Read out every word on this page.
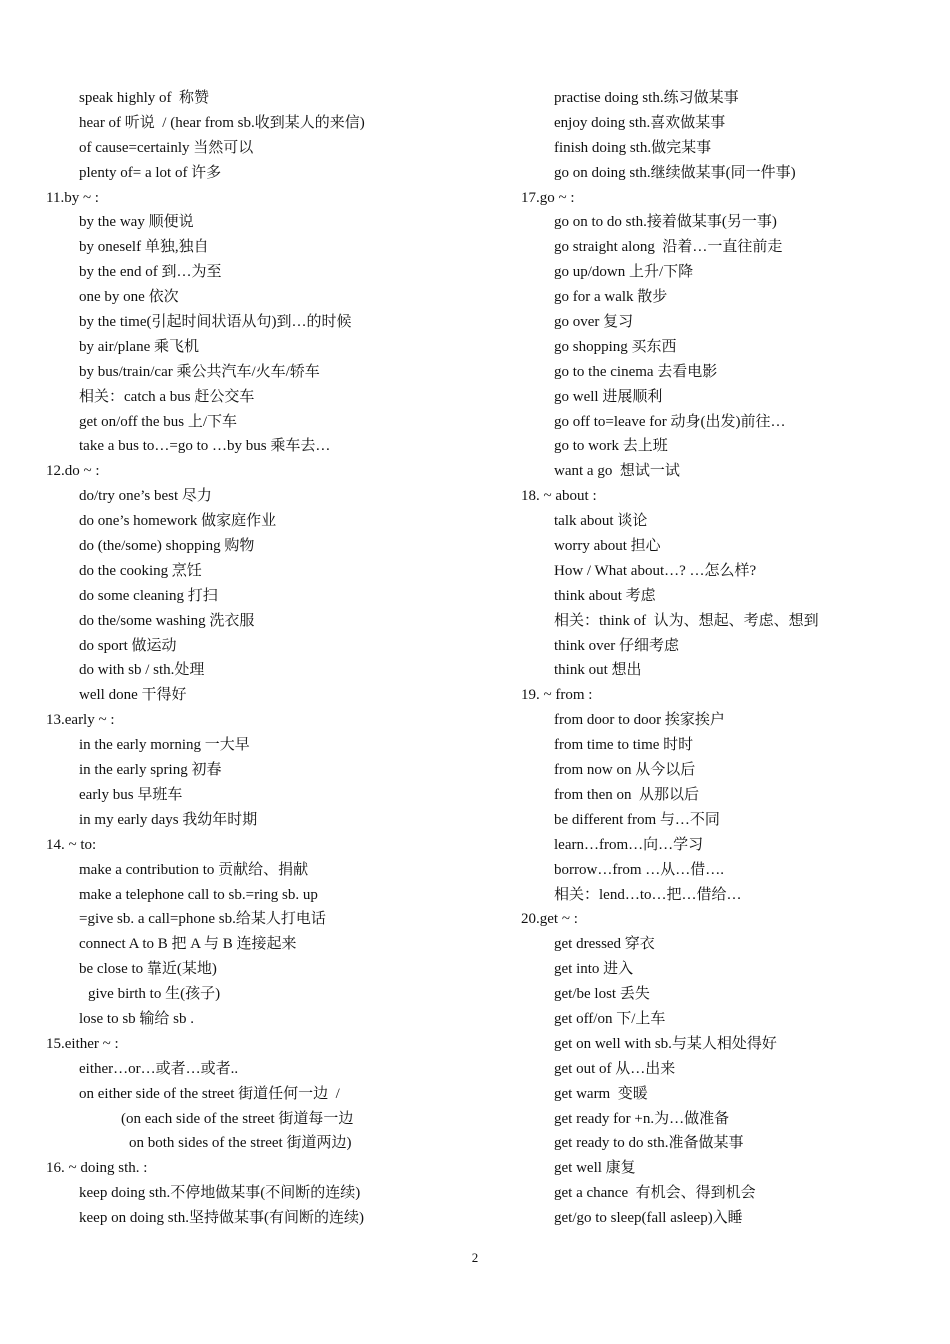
speak highly of  称赞
hear of 听说  / (hear from sb.收到某人的来信)
of cause=certainly 当然可以
plenty of= a lot of 许多
11.by ~ :
by the way 顺便说
by oneself 单独,独自
by the end of 到…为至
one by one 依次
by the time(引起时间状语从句)到…的时候
by air/plane 乘飞机
by bus/train/car 乘公共汽车/火车/轿车
相关：catch a bus 赶公交车
get on/off the bus 上/下车
take a bus to…=go to …by bus 乘车去…
12.do ~ :
do/try one’s best 尽力
do one’s homework 做家庭作业
do (the/some) shopping 购物
do the cooking 烹饪
do some cleaning 打扫
do the/some washing 洗衣服
do sport 做运动
do with sb / sth.处理
well done 干得好
13.early ~ :
in the early morning 一大早
in the early spring 初春
early bus 早班车
in my early days 我幼年时期
14. ~ to:
make a contribution to 贡献给、捐献
make a telephone call to sb.=ring sb. up
=give sb. a call=phone sb.给某人打电话
connect A to B 把 A 与 B 连接起来
be close to 靠近(某地)
give birth to 生(孩子)
lose to sb 输给 sb .
15.either ~ :
either…or…或者…或者..
on either side of the street 街道任何一边  /
(on each side of the street 街道每一边
on both sides of the street 街道两边)
16. ~ doing sth. :
keep doing sth.不停地做某事(不间断的连续)
keep on doing sth.坚持做某事(有间断的连续)
practise doing sth.练习做某事
enjoy doing sth.喜欢做某事
finish doing sth.做完某事
go on doing sth.继续做某事(同一件事)
17.go ~ :
go on to do sth.接着做某事(另一事)
go straight along  沿着…一直往前走
go up/down 上升/下降
go for a walk 散步
go over 复习
go shopping 买东西
go to the cinema 去看电影
go well 进展顺利
go off to=leave for 动身(出发)前往…
go to work 去上班
want a go  想试一试
18. ~ about :
talk about 谈论
worry about 担心
How / What about…? …怎么样?
think about 考虑
相关：think of  认为、想起、考虑、想到
think over 仔细考虑
think out 想出
19. ~ from :
from door to door 挨家挨户
from time to time 时时
from now on 从今以后
from then on  从那以后
be different from 与…不同
learn…from…向…学习
borrow…from …从…借….
相关：lend…to…把…借给…
20.get ~ :
get dressed 穿衣
get into 进入
get/be lost 丢失
get off/on 下/上车
get on well with sb.与某人相处得好
get out of 从…出来
get warm  变暖
get ready for +n.为…做准备
get ready to do sth.准备做某事
get well 康复
get a chance  有机会、得到机会
get/go to sleep(fall asleep)入睡
2
